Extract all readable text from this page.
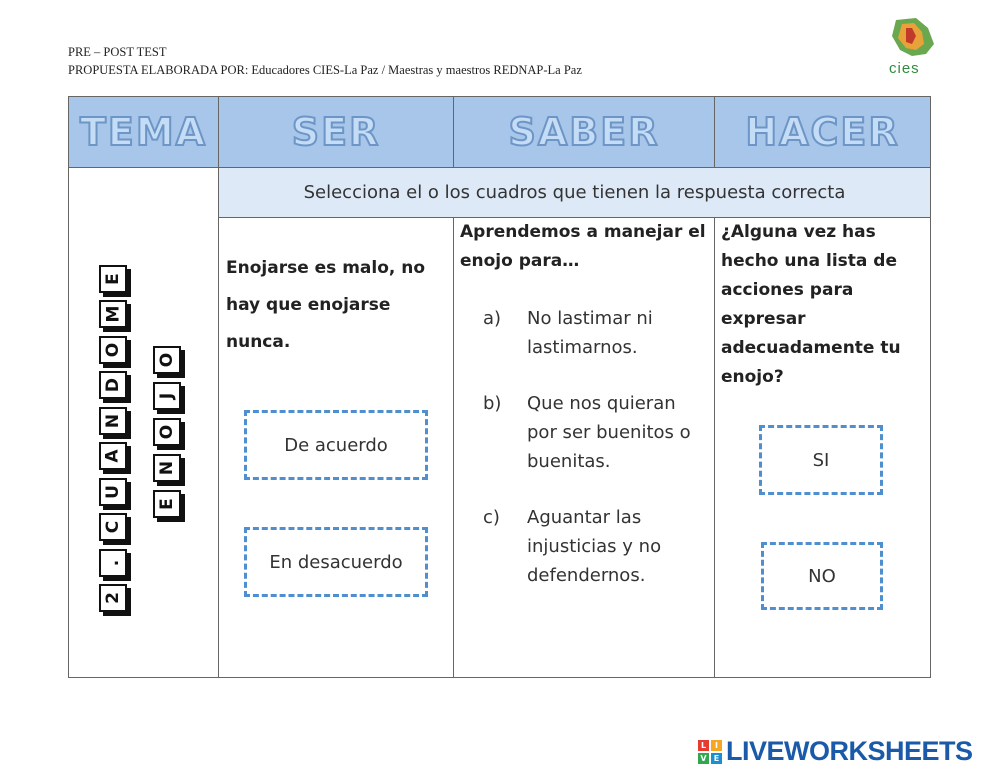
PRE – POST TEST
PROPUESTA ELABORADA POR: Educadores CIES-La Paz / Maestras y maestros REDNAP-La Paz	cies
TEMA	SER	SABER	HACER
2
.
C
U
A
N
D
O
M
E
E
N
O
J
O
Selecciona el o los cuadros que tienen la respuesta correcta
Enojarse es malo, no hay que enojarse nunca.
De acuerdo
En desacuerdo
Aprendemos a manejar el enojo para…
a)	No lastimar ni lastimarnos.
b)	Que nos quieran por ser buenitos o buenitas.
c)	Aguantar las injusticias y no defendernos.
¿Alguna vez has hecho una lista de acciones para expresar adecuadamente tu enojo?
SI
NO
L	I
V E LIVEWORKSHEETS
